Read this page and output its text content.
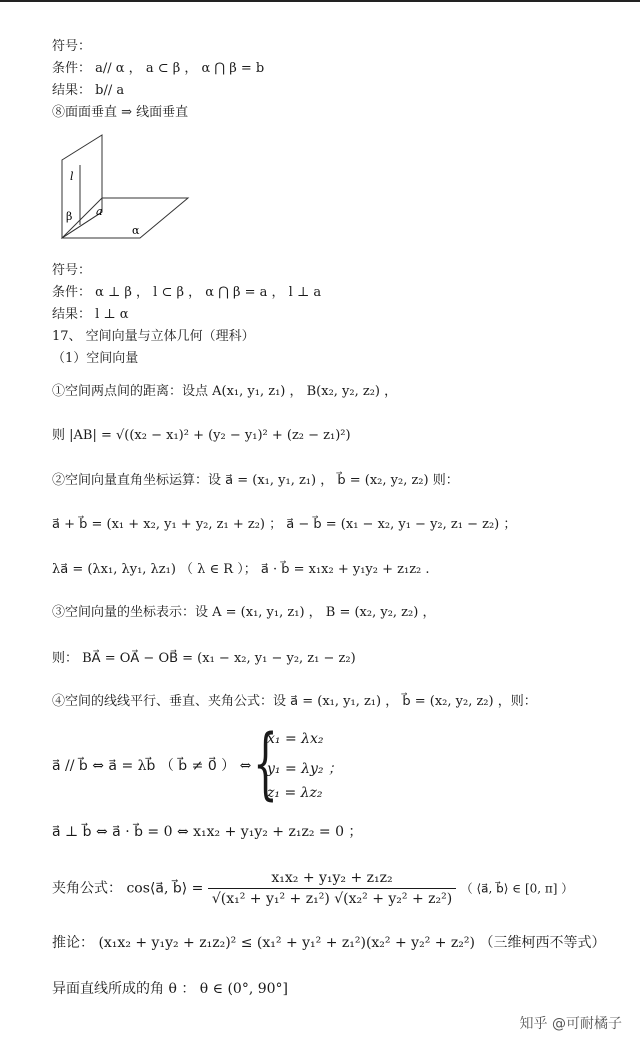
符号：
条件： a// α ， a ⊂ β ， α ⋂ β = b
结果： b// a
⑧面面垂直 ⇒ 线面垂直
l
β a
α
符号：
条件： α ⊥ β ， l ⊂ β ， α ⋂ β = a ， l ⊥ a
结果： l ⊥ α
17、 空间向量与立体几何（理科）
（1）空间向量
①空间两点间的距离：设点 A(x₁, y₁, z₁) ， B(x₂, y₂, z₂) ，
则 |AB| = √((x₂ − x₁)² + (y₂ − y₁)² + (z₂ − z₁)²)
②空间向量直角坐标运算：设 a⃗ = (x₁, y₁, z₁) ， b⃗ = (x₂, y₂, z₂) 则：
a⃗ + b⃗ = (x₁ + x₂, y₁ + y₂, z₁ + z₂) ； a⃗ − b⃗ = (x₁ − x₂, y₁ − y₂, z₁ − z₂) ；
λa⃗ = (λx₁, λy₁, λz₁) （ λ ∈ R ）； a⃗ · b⃗ = x₁x₂ + y₁y₂ + z₁z₂ .
③空间向量的坐标表示：设 A = (x₁, y₁, z₁) ， B = (x₂, y₂, z₂) ，
则： BA⃗ = OA⃗ − OB⃗ = (x₁ − x₂, y₁ − y₂, z₁ − z₂)
④空间的线线平行、垂直、夹角公式：设 a⃗ = (x₁, y₁, z₁) ， b⃗ = (x₂, y₂, z₂) ，则：
a⃗ // b⃗ ⇔ a⃗ = λb⃗ （ b⃗ ≠ 0⃗ ） ⇔ {
x₁ = λx₂
y₁ = λy₂ ；
z₁ = λz₂
a⃗ ⊥ b⃗ ⇔ a⃗ · b⃗ = 0 ⇔ x₁x₂ + y₁y₂ + z₁z₂ = 0 ；
夹角公式： cos⟨a⃗, b⃗⟩ = $\frac{\text{x₁x₂ + y₁y₂ + z₁z₂}}{\text{√(x₁² + y₁² + z₁²) √(x₂² + y₂² + z₂²)}}$ （ ⟨a⃗, b⃗⟩ ∈ [0, π] ）
推论： (x₁x₂ + y₁y₂ + z₁z₂)² ≤ (x₁² + y₁² + z₁²)(x₂² + y₂² + z₂²) （三维柯西不等式）
异面直线所成的角 θ ： θ ∈ (0°, 90°]
知乎 @可耐橘子
